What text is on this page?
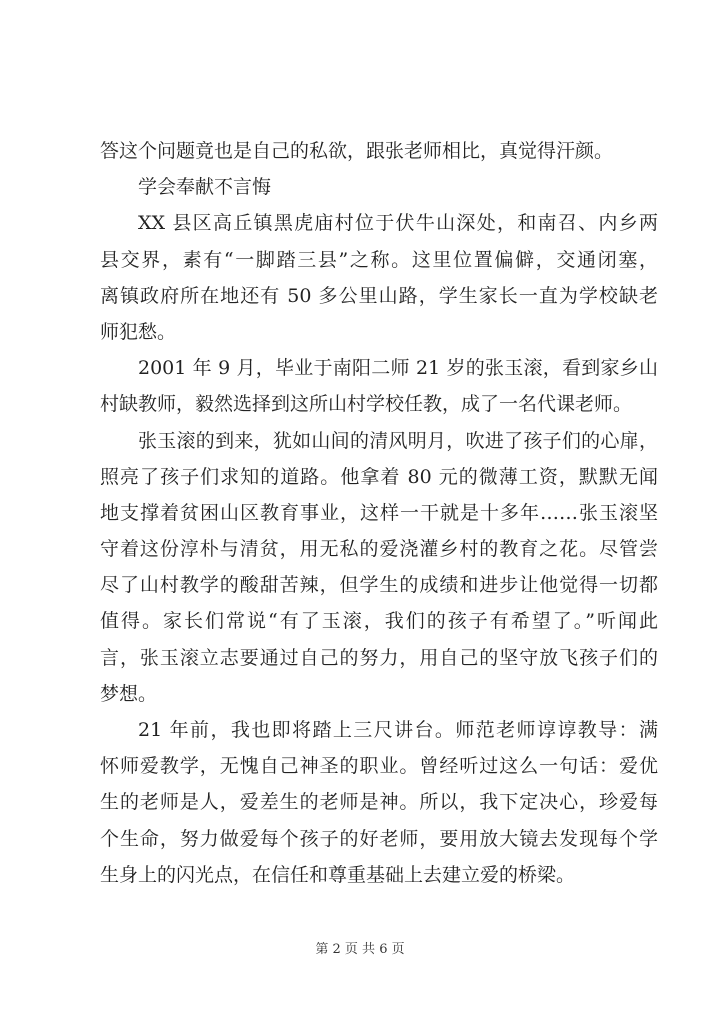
答这个问题竟也是自己的私欲，跟张老师相比，真觉得汗颜。
学会奉献不言悔
XX 县区高丘镇黑虎庙村位于伏牛山深处，和南召、内乡两
县交界，素有“一脚踏三县”之称。这里位置偏僻，交通闭塞，
离镇政府所在地还有 50 多公里山路，学生家长一直为学校缺老
师犯愁。
2001 年 9 月，毕业于南阳二师 21 岁的张玉滚，看到家乡山
村缺教师，毅然选择到这所山村学校任教，成了一名代课老师。
张玉滚的到来，犹如山间的清风明月，吹进了孩子们的心扉，
照亮了孩子们求知的道路。他拿着 80 元的微薄工资，默默无闻
地支撑着贫困山区教育事业，这样一干就是十多年……张玉滚坚
守着这份淳朴与清贫，用无私的爱浇灌乡村的教育之花。尽管尝
尽了山村教学的酸甜苦辣，但学生的成绩和进步让他觉得一切都
值得。家长们常说“有了玉滚，我们的孩子有希望了。”听闻此
言，张玉滚立志要通过自己的努力，用自己的坚守放飞孩子们的
梦想。
21 年前，我也即将踏上三尺讲台。师范老师谆谆教导：满
怀师爱教学，无愧自己神圣的职业。曾经听过这么一句话：爱优
生的老师是人，爱差生的老师是神。所以，我下定决心，珍爱每
个生命，努力做爱每个孩子的好老师，要用放大镜去发现每个学
生身上的闪光点，在信任和尊重基础上去建立爱的桥梁。
第 2 页 共 6 页
